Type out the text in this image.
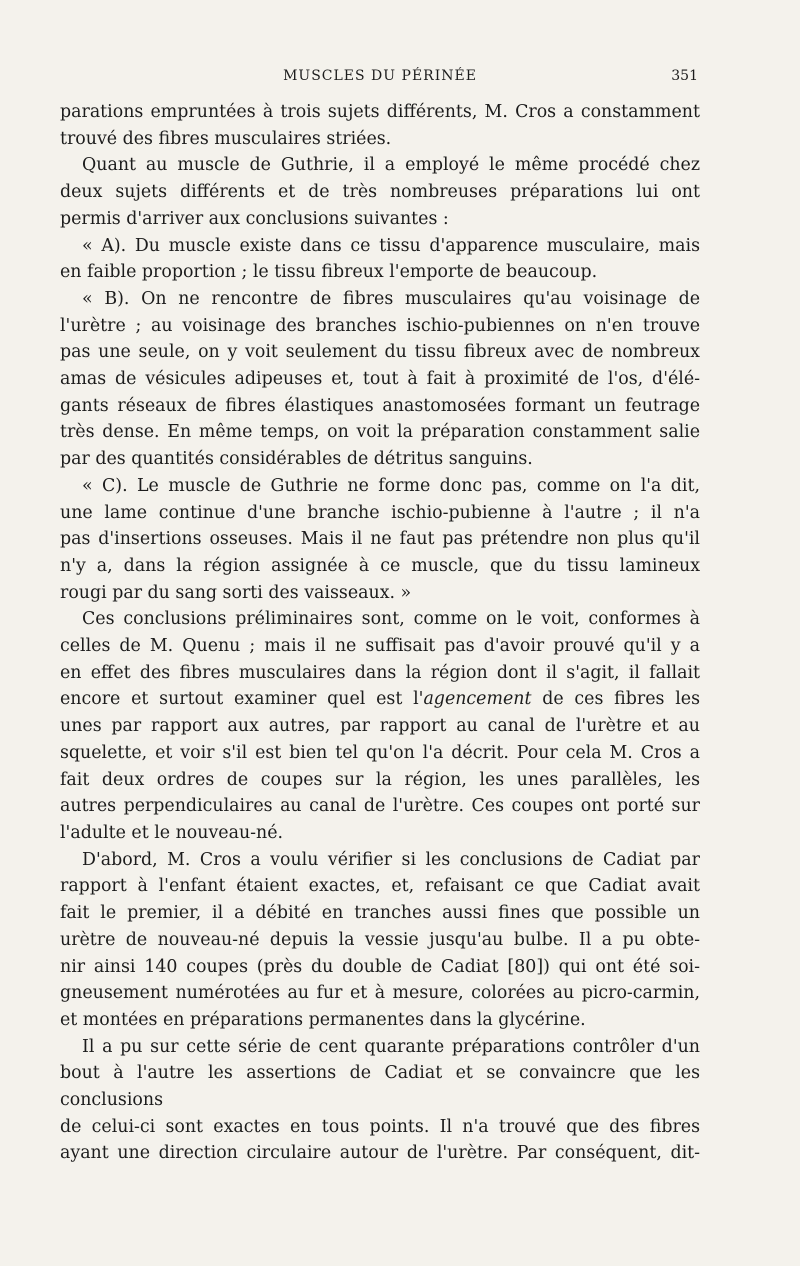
MUSCLES DU PÉRINÉE	351

parations empruntées à trois sujets différents, M. Cros a constamment

trouvé des fibres musculaires striées.

Quant au muscle de Guthrie, il a employé le même procédé chez

deux sujets différents et de très nombreuses préparations lui ont

permis d'arriver aux conclusions suivantes :

« A). Du muscle existe dans ce tissu d'apparence musculaire, mais

en faible proportion ; le tissu fibreux l'emporte de beaucoup.

« B). On ne rencontre de fibres musculaires qu'au voisinage de

l'urètre ; au voisinage des branches ischio-pubiennes on n'en trouve

pas une seule, on y voit seulement du tissu fibreux avec de nombreux

amas de vésicules adipeuses et, tout à fait à proximité de l'os, d'élé-

gants réseaux de fibres élastiques anastomosées formant un feutrage

très dense. En même temps, on voit la préparation constamment salie

par des quantités considérables de détritus sanguins.

« C). Le muscle de Guthrie ne forme donc pas, comme on l'a dit,

une lame continue d'une branche ischio-pubienne à l'autre ; il n'a

pas d'insertions osseuses. Mais il ne faut pas prétendre non plus qu'il

n'y a, dans la région assignée à ce muscle, que du tissu lamineux

rougi par du sang sorti des vaisseaux. »

Ces conclusions préliminaires sont, comme on le voit, conformes à

celles de M. Quenu ; mais il ne suffisait pas d'avoir prouvé qu'il y a

en effet des fibres musculaires dans la région dont il s'agit, il fallait

encore et surtout examiner quel est l'agencement de ces fibres les

unes par rapport aux autres, par rapport au canal de l'urètre et au

squelette, et voir s'il est bien tel qu'on l'a décrit. Pour cela M. Cros a

fait deux ordres de coupes sur la région, les unes parallèles, les

autres perpendiculaires au canal de l'urètre. Ces coupes ont porté sur

l'adulte et le nouveau-né.

D'abord, M. Cros a voulu vérifier si les conclusions de Cadiat par

rapport à l'enfant étaient exactes, et, refaisant ce que Cadiat avait

fait le premier, il a débité en tranches aussi fines que possible un

urètre de nouveau-né depuis la vessie jusqu'au bulbe. Il a pu obte-

nir ainsi 140 coupes (près du double de Cadiat [80]) qui ont été soi-

gneusement numérotées au fur et à mesure, colorées au picro-carmin,

et montées en préparations permanentes dans la glycérine.

Il a pu sur cette série de cent quarante préparations contrôler d'un

bout à l'autre les assertions de Cadiat et se convaincre que les conclusions

de celui-ci sont exactes en tous points. Il n'a trouvé que des fibres

ayant une direction circulaire autour de l'urètre. Par conséquent, dit-
